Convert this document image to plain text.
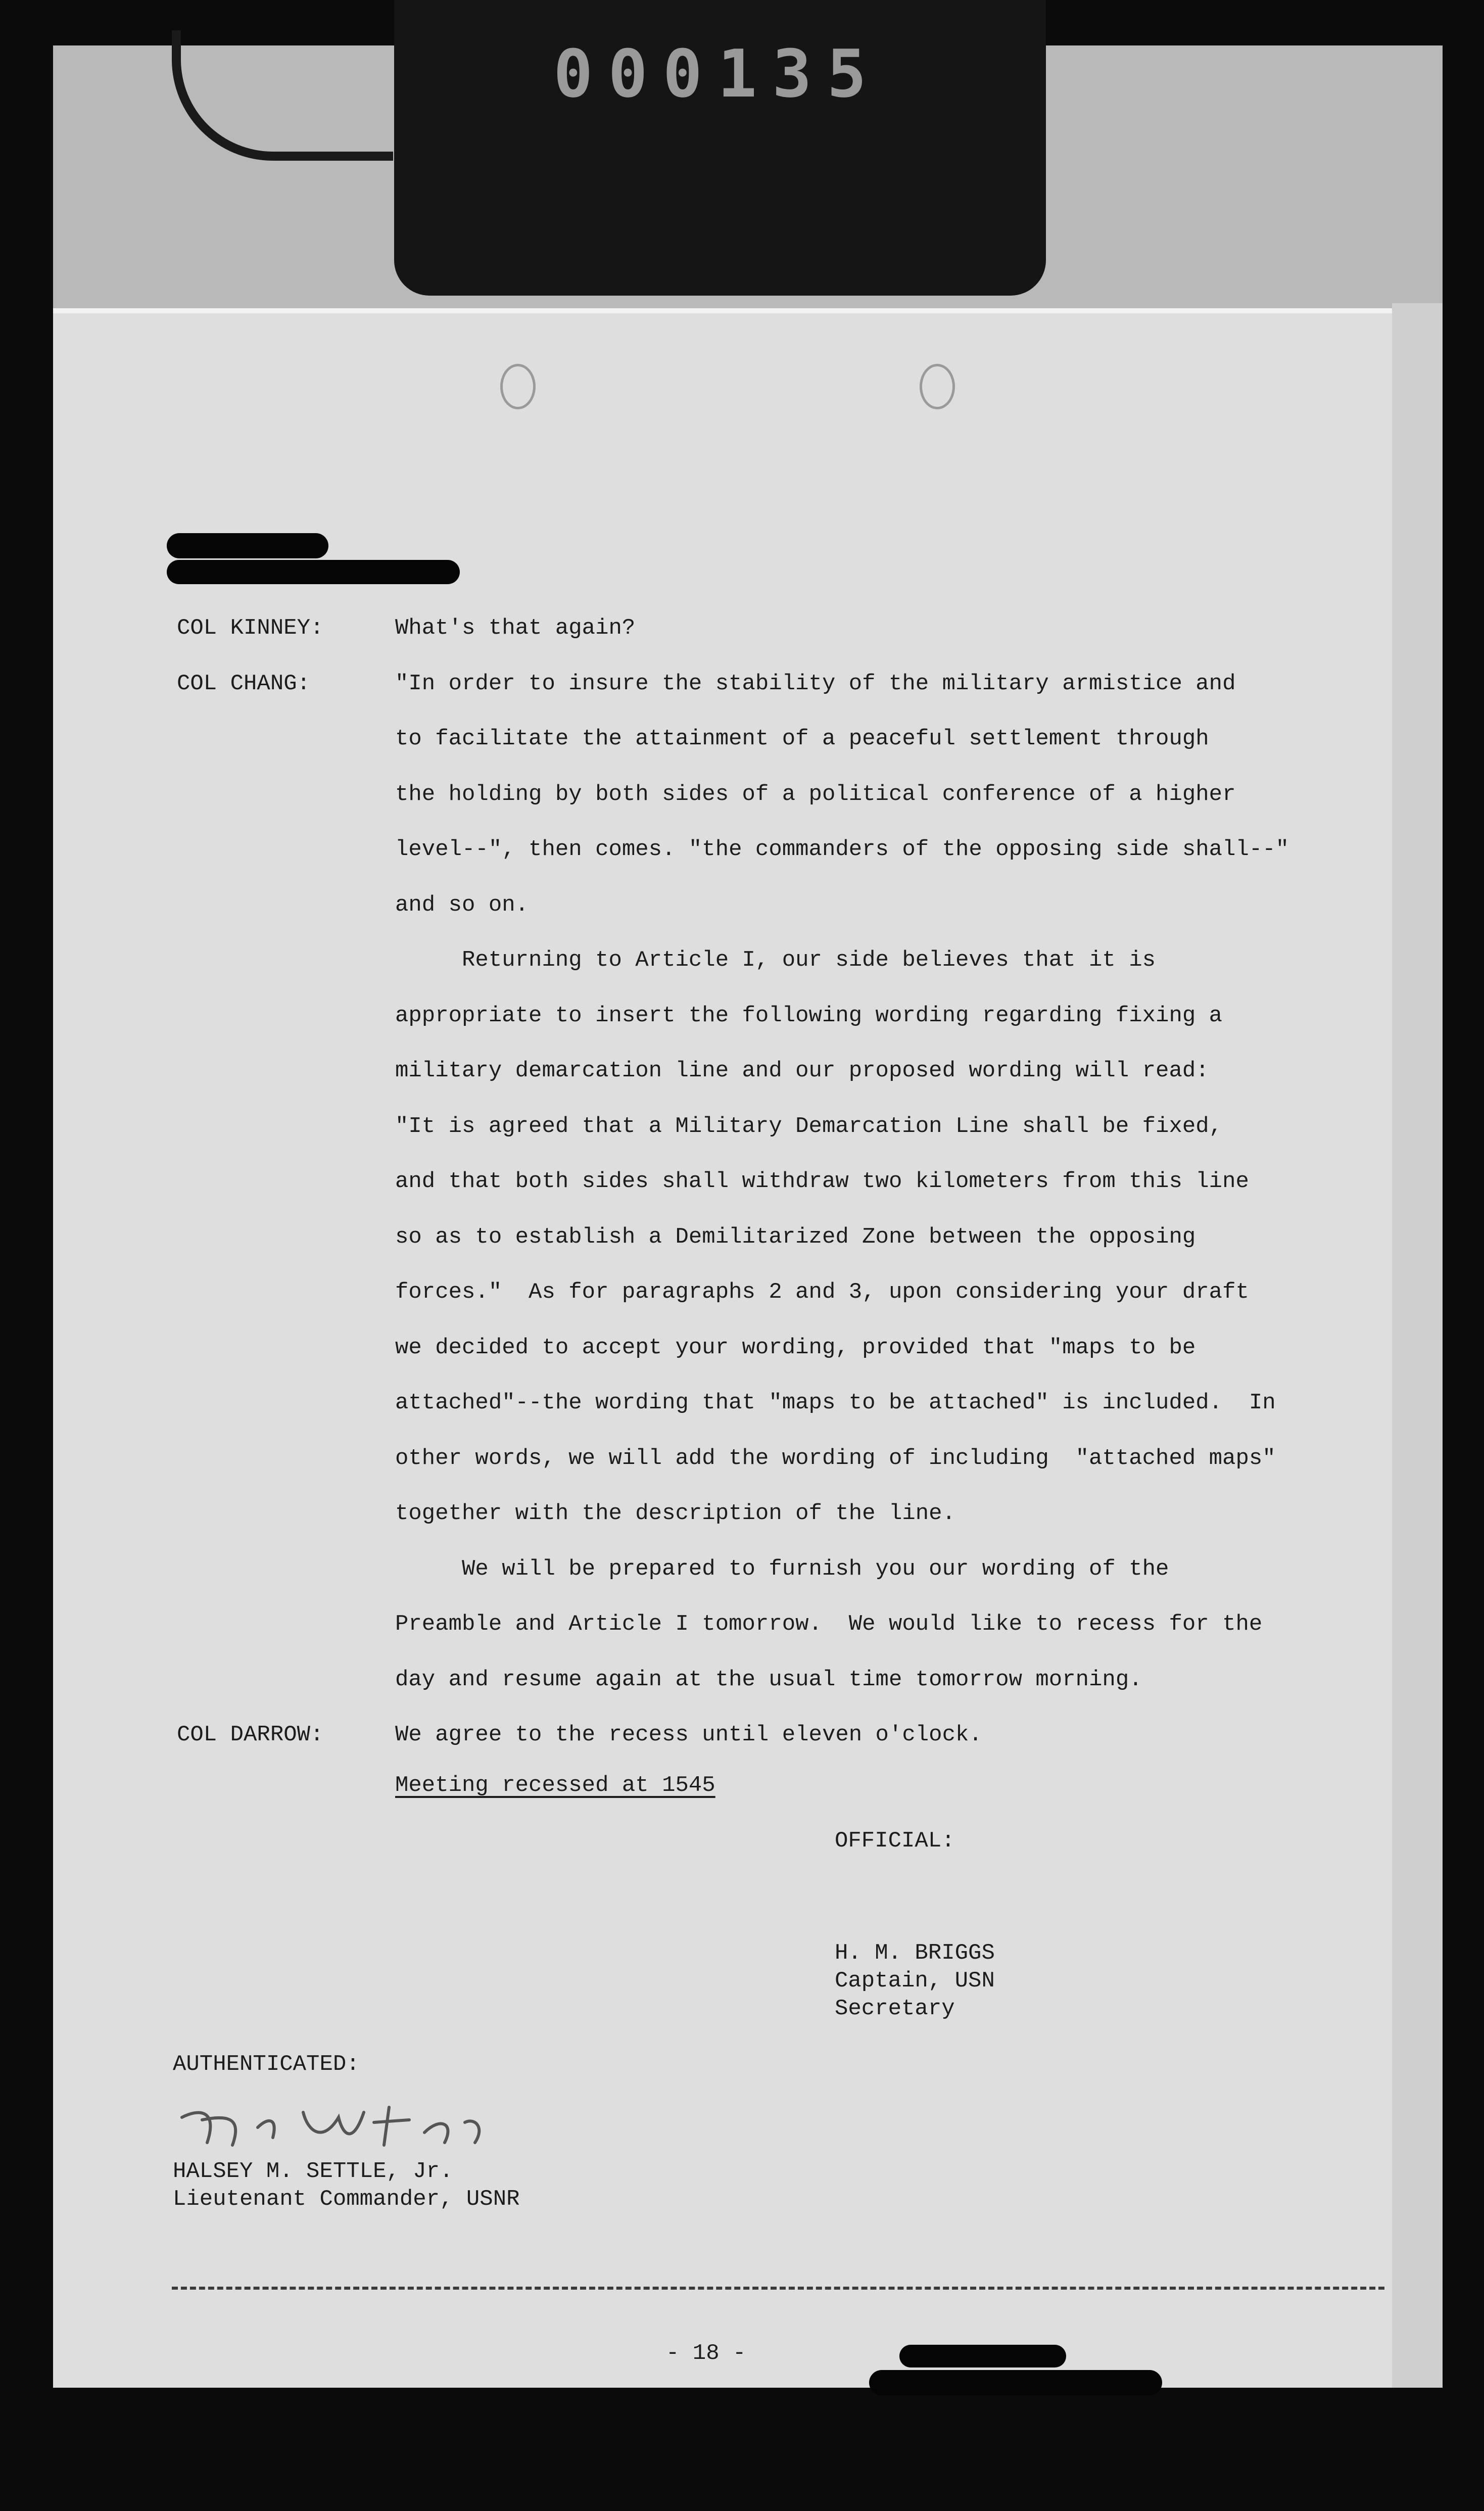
000135
COL KINNEY:	What's that again?
COL CHANG:	"In order to insure the stability of the military armistice and
to facilitate the attainment of a peaceful settlement through
the holding by both sides of a political conference of a higher
level--", then comes. "the commanders of the opposing side shall--"
and so on.
Returning to Article I, our side believes that it is
appropriate to insert the following wording regarding fixing a
military demarcation line and our proposed wording will read:
"It is agreed that a Military Demarcation Line shall be fixed,
and that both sides shall withdraw two kilometers from this line
so as to establish a Demilitarized Zone between the opposing
forces."  As for paragraphs 2 and 3, upon considering your draft
we decided to accept your wording, provided that "maps to be
attached"--the wording that "maps to be attached" is included.  In
other words, we will add the wording of including  "attached maps"
together with the description of the line.
We will be prepared to furnish you our wording of the
Preamble and Article I tomorrow.  We would like to recess for the
day and resume again at the usual time tomorrow morning.
COL DARROW:	We agree to the recess until eleven o'clock.
Meeting recessed at 1545
OFFICIAL:
H. M. BRIGGS
Captain, USN
Secretary
AUTHENTICATED:
HALSEY M. SETTLE, Jr.
Lieutenant Commander, USNR
- 18 -
